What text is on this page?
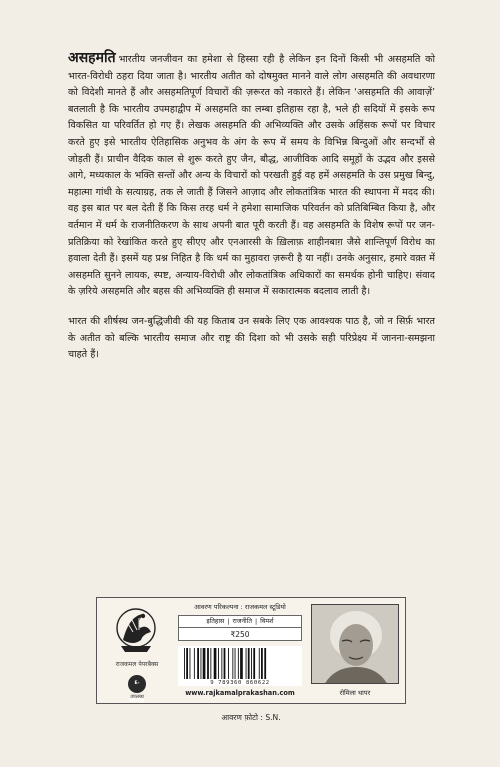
असहमति भारतीय जनजीवन का हमेशा से हिस्सा रही है लेकिन इन दिनों किसी भी असहमति को भारत-विरोधी ठहरा दिया जाता है। भारतीय अतीत को दोषमुक्त मानने वाले लोग असहमति की अवधारणा को विदेशी मानते हैं और असहमतिपूर्ण विचारों की ज़रूरत को नकारते हैं। लेकिन ‘असहमति की आवाज़ें’ बतलाती है कि भारतीय उपमहाद्वीप में असहमति का लम्बा इतिहास रहा है, भले ही सदियों में इसके रूप विकसित या परिवर्तित हो गए हैं। लेखक असहमति की अभिव्यक्ति और उसके अहिंसक रूपों पर विचार करते हुए इसे भारतीय ऐतिहासिक अनुभव के अंग के रूप में समय के विभिन्न बिन्दुओं और सन्दर्भों से जोड़ती हैं। प्राचीन वैदिक काल से शुरू करते हुए जैन, बौद्ध, आजीविक आदि समूहों के उद्भव और इससे आगे, मध्यकाल के भक्ति सन्तों और अन्य के विचारों को परखती हुई वह हमें असहमति के उस प्रमुख बिन्दु, महात्मा गांधी के सत्याग्रह, तक ले जाती हैं जिसने आज़ाद और लोकतांत्रिक भारत की स्थापना में मदद की। वह इस बात पर बल देती हैं कि किस तरह धर्म ने हमेशा सामाजिक परिवर्तन को प्रतिबिम्बित किया है, और वर्तमान में धर्म के राजनीतिकरण के साथ अपनी बात पूरी करती हैं। वह असहमति के विशेष रूपों पर जन-प्रतिक्रिया को रेखांकित करते हुए सीएए और एनआरसी के ख़िलाफ़ शाहीनबाग़ जैसे शान्तिपूर्ण विरोध का हवाला देती हैं। इसमें यह प्रश्न निहित है कि धर्म का मुहावरा ज़रूरी है या नहीं। उनके अनुसार, हमारे वक़्त में असहमति सुनने लायक, स्पष्ट, अन्याय-विरोधी और लोकतांत्रिक अधिकारों का समर्थक होनी चाहिए। संवाद के ज़रिये असहमति और बहस की अभिव्यक्ति ही समाज में सकारात्मक बदलाव लाती है।

भारत की शीर्षस्थ जन-बुद्धिजीवी की यह किताब उन सबके लिए एक आवश्यक पाठ है, जो न सिर्फ़ भारत के अतीत को बल्कि भारतीय समाज और राष्ट्र की दिशा को भी उसके सही परिप्रेक्ष्य में जानना-समझना चाहते हैं।

राजकमल पेपरबैक्स
E-BOOK
उपलब्ध
आवरण परिकल्पना : राजकमल स्टूडियो
इतिहास | राजनीति | विमर्श
₹250
9 789360 860622
www.rajkamalprakashan.com	रोमिला थापर
आवरण फ़ोटो : S.N.
